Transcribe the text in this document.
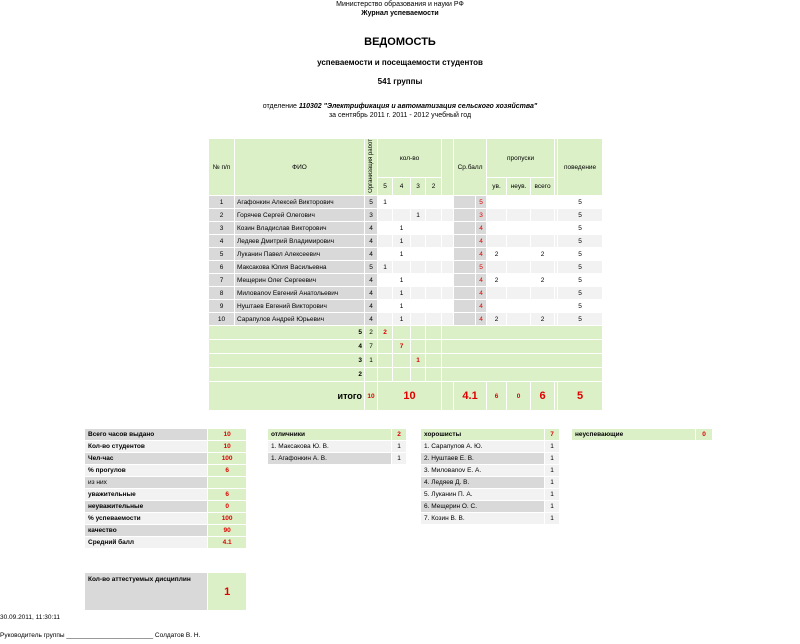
Министерство образования и науки РФ
Журнал успеваемости
ВЕДОМОСТЬ
успеваемости и посещаемости студентов
541 группы
отделение 110302 "Электрификация и автоматизация сельского хозяйства"
за сентябрь 2011 г. 2011 - 2012 учебный год
№ п/п	ФИО	Организация работ	кол-во					Ср.балл		пропуски				поведение
			5	4	3	2				ув.	неув.	всего		
1	Агафонкин Алексей Викторович	5	1						5					5
2	Горячев Сергей Олегович	3			1				3					5
3	Козин Владислав Викторович	4		1					4					5
4	Ледяев Дмитрий Владимирович	4		1					4					5
5	Луканин Павел Алексеевич	4		1					4	2		2		5
6	Максакова Юлия Васильевна	5	1						5					5
7	Мещерин Олег Сергеевич	4		1					4	2		2		5
8	Миловanov Евгений Анатольевич	4		1					4					5
9	Нуштаев Евгений Викторович	4		1					4					5
10	Сарапулов Андрей Юрьевич	4		1					4	2		2		5
5		2	2											
4		7		7										
3		1			1									
2														
итого		10	10					4.1		6	0	6		5
Всего часов выдано	10
Кол-во студентов	10
Чел-час	100
% прогулов	6
из них	
уважительные	6
неуважительные	0
% успеваемости	100
качество	90
Средний балл	4.1
Кол-во аттестуемых дисциплин	1
отличники	2
1. Максакова Ю. В.	1
1. Агафонкин А. В.	1
хорошисты	7
1. Сарапулов А. Ю.	1
2. Нуштаев Е. В.	1
3. Миловanov Е. А.	1
4. Ледяев Д. В.	1
5. Луканин П. А.	1
6. Мещерин О. С.	1
7. Козин В. В.	1
неуспевающие	0
30.09.2011, 11:30:11
Руководитель группы ________________________ Солдатов В. Н.
